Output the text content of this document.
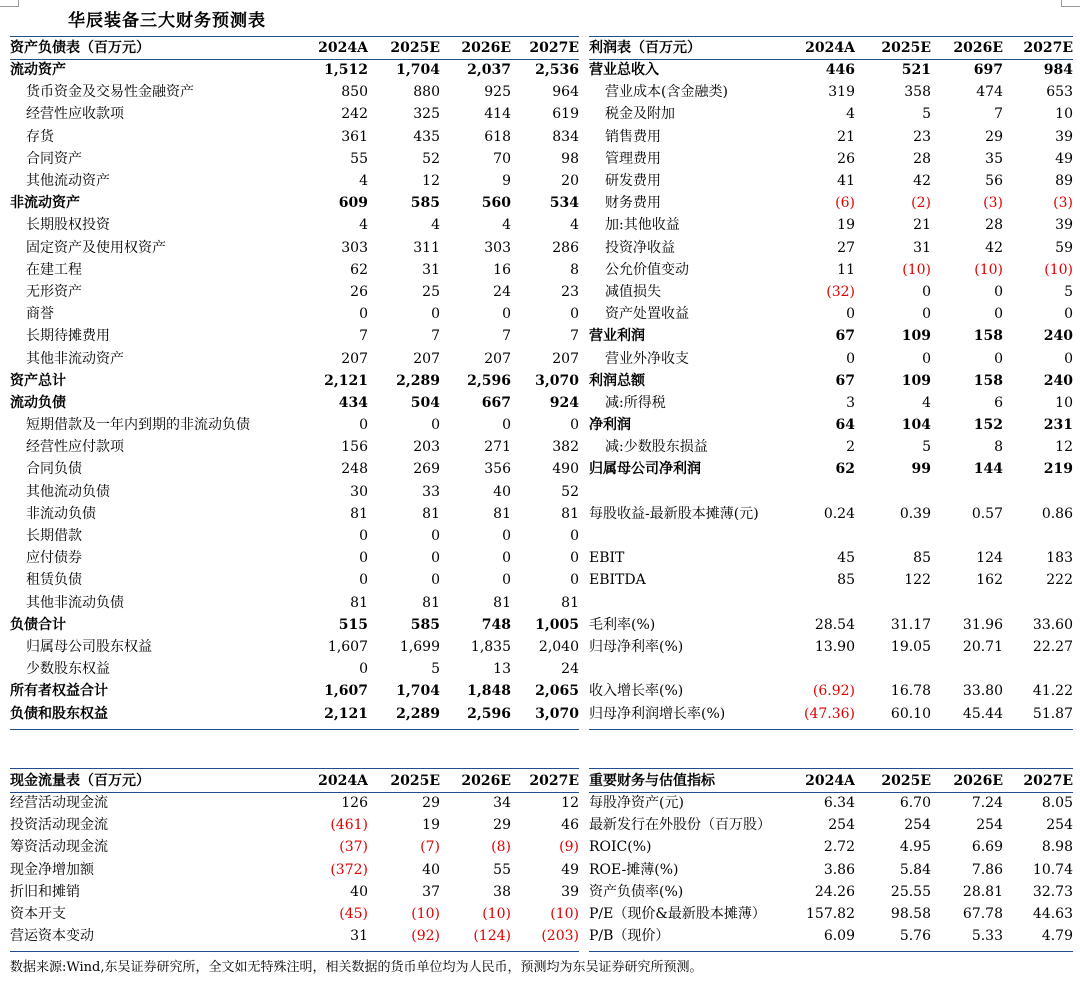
华辰装备三大财务预测表
资产负债表（百万元）	2024A	2025E	2026E	2027E
流动资产	1,512	1,704	2,037	2,536
货币资金及交易性金融资产	850	880	925	964
经营性应收款项	242	325	414	619
存货	361	435	618	834
合同资产	55	52	70	98
其他流动资产	4	12	9	20
非流动资产	609	585	560	534
长期股权投资	4	4	4	4
固定资产及使用权资产	303	311	303	286
在建工程	62	31	16	8
无形资产	26	25	24	23
商誉	0	0	0	0
长期待摊费用	7	7	7	7
其他非流动资产	207	207	207	207
资产总计	2,121	2,289	2,596	3,070
流动负债	434	504	667	924
短期借款及一年内到期的非流动负债	0	0	0	0
经营性应付款项	156	203	271	382
合同负债	248	269	356	490
其他流动负债	30	33	40	52
非流动负债	81	81	81	81
长期借款	0	0	0	0
应付债券	0	0	0	0
租赁负债	0	0	0	0
其他非流动负债	81	81	81	81
负债合计	515	585	748	1,005
归属母公司股东权益	1,607	1,699	1,835	2,040
少数股东权益	0	5	13	24
所有者权益合计	1,607	1,704	1,848	2,065
负债和股东权益	2,121	2,289	2,596	3,070
利润表（百万元）	2024A	2025E	2026E	2027E
营业总收入	446	521	697	984
营业成本(含金融类)	319	358	474	653
税金及附加	4	5	7	10
销售费用	21	23	29	39
管理费用	26	28	35	49
研发费用	41	42	56	89
财务费用	(6)	(2)	(3)	(3)
加:其他收益	19	21	28	39
投资净收益	27	31	42	59
公允价值变动	11	(10)	(10)	(10)
减值损失	(32)	0	0	5
资产处置收益	0	0	0	0
营业利润	67	109	158	240
营业外净收支	0	0	0	0
利润总额	67	109	158	240
减:所得税	3	4	6	10
净利润	64	104	152	231
减:少数股东损益	2	5	8	12
归属母公司净利润	62	99	144	219

每股收益-最新股本摊薄(元)	0.24	0.39	0.57	0.86

EBIT	45	85	124	183
EBITDA	85	122	162	222

毛利率(%)	28.54	31.17	31.96	33.60
归母净利率(%)	13.90	19.05	20.71	22.27

收入增长率(%)	(6.92)	16.78	33.80	41.22
归母净利润增长率(%)	(47.36)	60.10	45.44	51.87
现金流量表（百万元）	2024A	2025E	2026E	2027E
经营活动现金流	126	29	34	12
投资活动现金流	(461)	19	29	46
筹资活动现金流	(37)	(7)	(8)	(9)
现金净增加额	(372)	40	55	49
折旧和摊销	40	37	38	39
资本开支	(45)	(10)	(10)	(10)
营运资本变动	31	(92)	(124)	(203)
重要财务与估值指标	2024A	2025E	2026E	2027E
每股净资产(元)	6.34	6.70	7.24	8.05
最新发行在外股份（百万股）	254	254	254	254
ROIC(%)	2.72	4.95	6.69	8.98
ROE-摊薄(%)	3.86	5.84	7.86	10.74
资产负债率(%)	24.26	25.55	28.81	32.73
P/E（现价&最新股本摊薄）	157.82	98.58	67.78	44.63
P/B（现价）	6.09	5.76	5.33	4.79
数据来源:Wind,东吴证券研究所，全文如无特殊注明，相关数据的货币单位均为人民币，预测均为东吴证券研究所预测。
